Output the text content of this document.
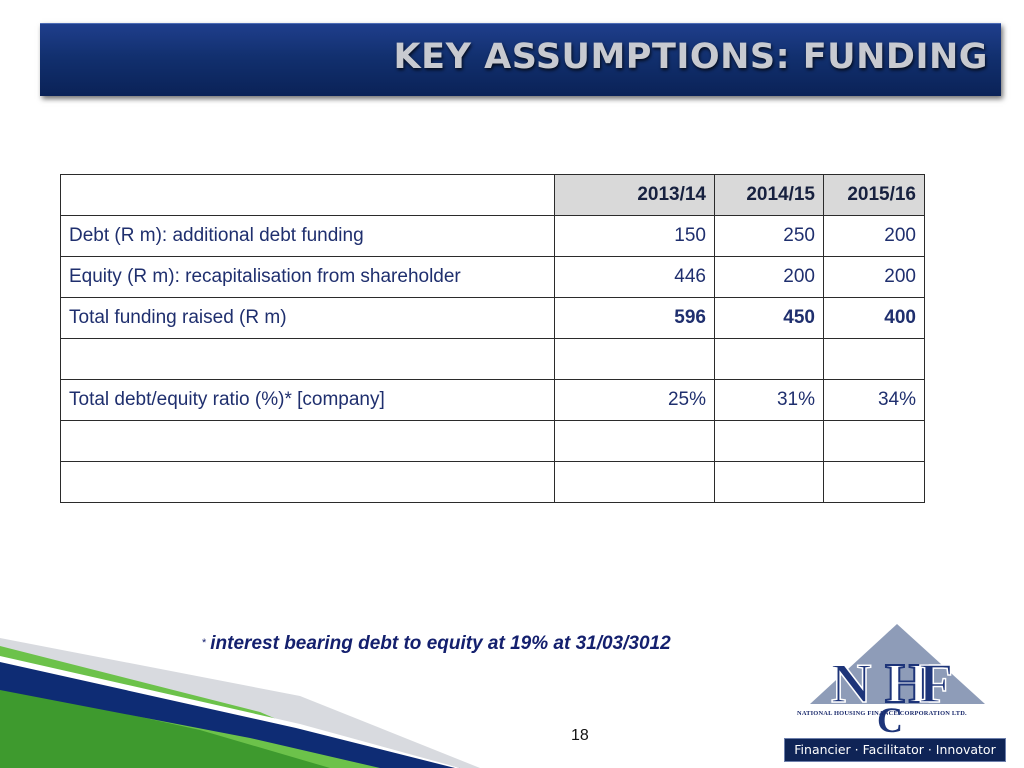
KEY ASSUMPTIONS: FUNDING
	2013/14	2014/15	2015/16
Debt (R m): additional debt funding	150	250	200
Equity (R m): recapitalisation from shareholder	446	200	200
Total funding raised (R m)	596	450	400

Total debt/equity ratio (%)* [company]	25%	31%	34%

* interest bearing debt to equity at 19% at 31/03/3012
N H
F
C
NATIONAL HOUSING FINANCE CORPORATION LTD.
Financier · Facilitator · Innovator
18
